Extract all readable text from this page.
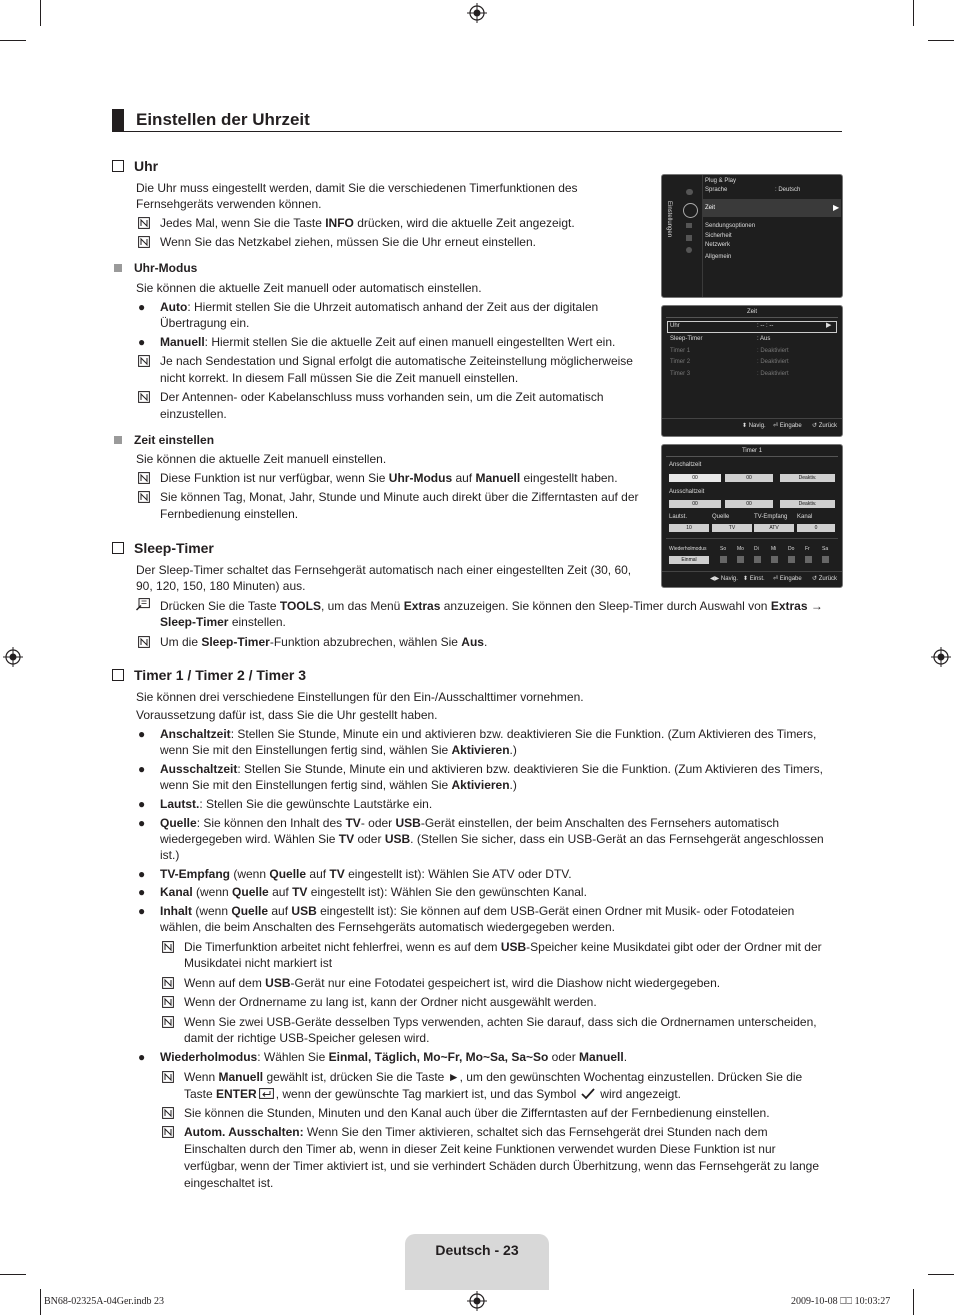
Einstellen der Uhrzeit
Uhr
Die Uhr muss eingestellt werden, damit Sie die verschiedenen Timerfunktionen des
Fernsehgeräts verwenden können.
Jedes Mal, wenn Sie die Taste INFO drücken, wird die aktuelle Zeit angezeigt.
Wenn Sie das Netzkabel ziehen, müssen Sie die Uhr erneut einstellen.
Uhr-Modus
Sie können die aktuelle Zeit manuell oder automatisch einstellen.
● Auto: Hiermit stellen Sie die Uhrzeit automatisch anhand der Zeit aus der digitalen
Übertragung ein.
● Manuell: Hiermit stellen Sie die aktuelle Zeit auf einen manuell eingestellten Wert ein.
Je nach Sendestation und Signal erfolgt die automatische Zeiteinstellung möglicherweise
nicht korrekt. In diesem Fall müssen Sie die Zeit manuell einstellen.
Der Antennen- oder Kabelanschluss muss vorhanden sein, um die Zeit automatisch
einzustellen.
Zeit einstellen
Sie können die aktuelle Zeit manuell einstellen.
Diese Funktion ist nur verfügbar, wenn Sie Uhr-Modus auf Manuell eingestellt haben.
Sie können Tag, Monat, Jahr, Stunde und Minute auch direkt über die Zifferntasten auf der
Fernbedienung einstellen.
Sleep-Timer
Der Sleep-Timer schaltet das Fernsehgerät automatisch nach einer eingestellten Zeit (30, 60,
90, 120, 150, 180 Minuten) aus.
Drücken Sie die Taste TOOLS, um das Menü Extras anzuzeigen. Sie können den Sleep-Timer durch Auswahl von Extras →
Sleep-Timer einstellen.
Um die Sleep-Timer-Funktion abzubrechen, wählen Sie Aus.
Timer 1 / Timer 2 / Timer 3
Sie können drei verschiedene Einstellungen für den Ein-/Ausschalttimer vornehmen.
Voraussetzung dafür ist, dass Sie die Uhr gestellt haben.
● Anschaltzeit: Stellen Sie Stunde, Minute ein und aktivieren bzw. deaktivieren Sie die Funktion. (Zum Aktivieren des Timers,
wenn Sie mit den Einstellungen fertig sind, wählen Sie Aktivieren.)
● Ausschaltzeit: Stellen Sie Stunde, Minute ein und aktivieren bzw. deaktivieren Sie die Funktion. (Zum Aktivieren des Timers,
wenn Sie mit den Einstellungen fertig sind, wählen Sie Aktivieren.)
● Lautst.: Stellen Sie die gewünschte Lautstärke ein.
● Quelle: Sie können den Inhalt des TV- oder USB-Gerät einstellen, der beim Anschalten des Fernsehers automatisch
wiedergegeben wird. Wählen Sie TV oder USB. (Stellen Sie sicher, dass ein USB-Gerät an das Fernsehgerät angeschlossen
ist.)
● TV-Empfang (wenn Quelle auf TV eingestellt ist): Wählen Sie ATV oder DTV.
● Kanal (wenn Quelle auf TV eingestellt ist): Wählen Sie den gewünschten Kanal.
● Inhalt (wenn Quelle auf USB eingestellt ist): Sie können auf dem USB-Gerät einen Ordner mit Musik- oder Fotodateien
wählen, die beim Anschalten des Fernsehgeräts automatisch wiedergegeben werden.
Die Timerfunktion arbeitet nicht fehlerfrei, wenn es auf dem USB-Speicher keine Musikdatei gibt oder der Ordner mit der
Musikdatei nicht markiert ist
Wenn auf dem USB-Gerät nur eine Fotodatei gespeichert ist, wird die Diashow nicht wiedergegeben.
Wenn der Ordnername zu lang ist, kann der Ordner nicht ausgewählt werden.
Wenn Sie zwei USB-Geräte desselben Typs verwenden, achten Sie darauf, dass sich die Ordnernamen unterscheiden,
damit der richtige USB-Speicher gelesen wird.
● Wiederholmodus: Wählen Sie Einmal, Täglich, Mo~Fr, Mo~Sa, Sa~So oder Manuell.
Wenn Manuell gewählt ist, drücken Sie die Taste ►, um den gewünschten Wochentag einzustellen. Drücken Sie die
Taste ENTER , wenn der gewünschte Tag markiert ist, und das Symbol wird angezeigt.
Sie können die Stunden, Minuten und den Kanal auch über die Zifferntasten auf der Fernbedienung einstellen.
Autom. Ausschalten: Wenn Sie den Timer aktivieren, schaltet sich das Fernsehgerät drei Stunden nach dem
Einschalten durch den Timer ab, wenn in dieser Zeit keine Funktionen verwendet wurden Diese Funktion ist nur
verfügbar, wenn der Timer aktiviert ist, und sie verhindert Schäden durch Überhitzung, wenn das Fernsehgerät zu lange
eingeschaltet ist.
Einstellungen
Plug & Play
Sprache	: Deutsch
Zeit	▶
Sendungsoptionen
Sicherheit
Netzwerk
Allgemein
Zeit
Uhr	: -- : --	▶
Sleep-Timer	: Aus
Timer 1	: Deaktiviert
Timer 2	: Deaktiviert
Timer 3	: Deaktiviert
⬍ Navig. ⏎ Eingabe ↺ Zurück
Timer 1
Anschaltzeit
00	00	Deaktiv.
Ausschaltzeit
00	00	Deaktiv.
Lautst.	Quelle	TV-Empfang Kanal
10	TV	ATV	0
Wiederholmodus
Einmal
So Mo Di Mi Do Fr Sa
◀▶ Navig. ⬍ Einst. ⏎ Eingabe ↺ Zurück
Deutsch - 23
BN68-02325A-04Ger.indb 23	2009-10-08 ⎕⎕ 10:03:27
